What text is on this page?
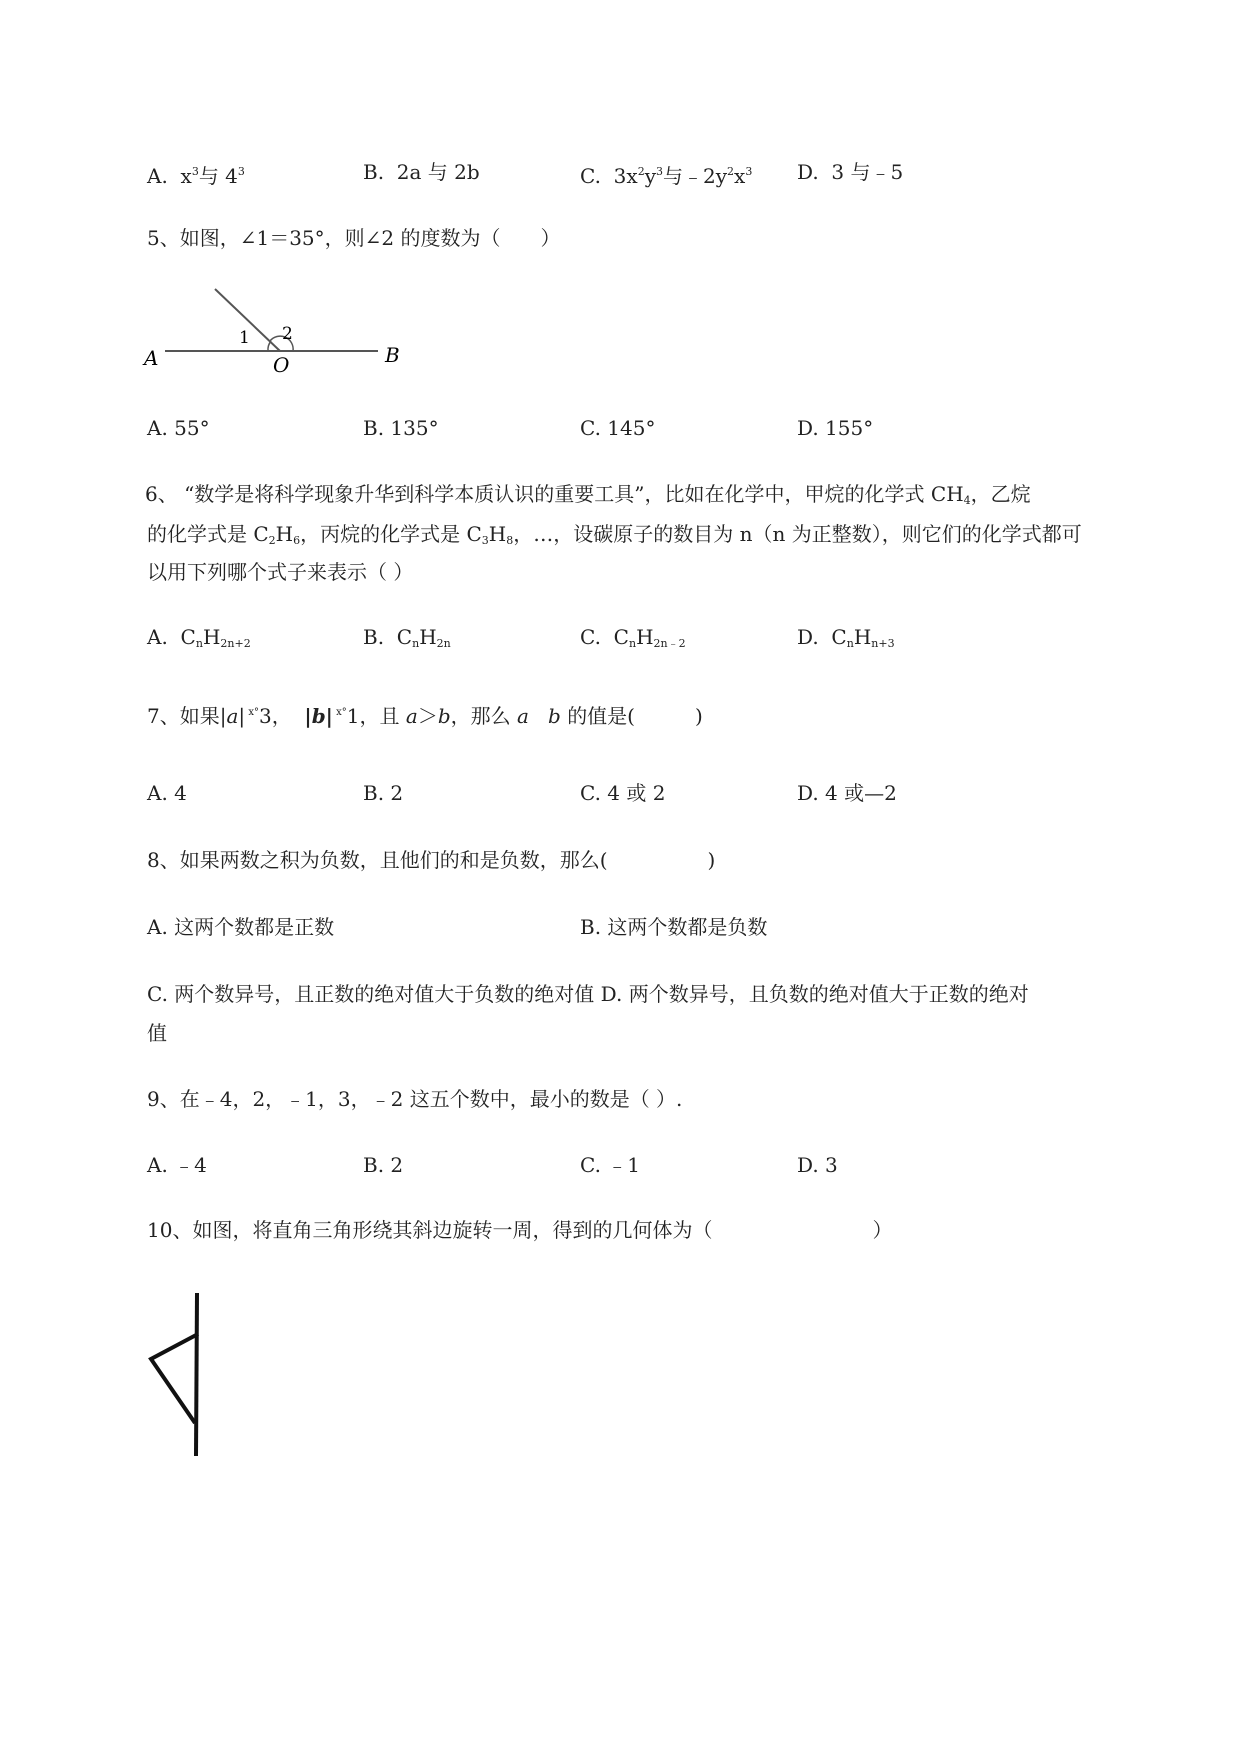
A. $x^3$与 $4^3$	B. 2a 与 2b	C. $3x^2y^3$与$﹣2y^2x^3$ D. 3 与﹣5
5、如图，∠1＝35°，则∠2 的度数为（　　）
A	O	B
1 2
A. 55°	B. 135°	C. 145°	D. 155°
6、 “数学是将科学现象升华到科学本质认识的重要工具”，比如在化学中，甲烷的化学式 $CH_4$，乙烷
的化学式是 $C_2H_6$，丙烷的化学式是 $C_3H_8$，…，设碳原子的数目为 n（n 为正整数），则它们的化学式都可
以用下列哪个式子来表示（ ）
A. $C_nH_{2n+2}$	B. $C_nH_{2n}$	C. $C_nH_{2n﹣2}$	D. $C_nH_{n+3}$
7、如果|a| $^{x^\circ}$3， |b| $^{x^\circ}$1，且 a＞b，那么 a b 的值是(　　　)
A. 4	B. 2	C. 4 或 2	D. 4 或—2
8、如果两数之积为负数，且他们的和是负数，那么(　　　　　)
A. 这两个数都是正数	B. 这两个数都是负数
C. 两个数异号，且正数的绝对值大于负数的绝对值 D. 两个数异号，且负数的绝对值大于正数的绝对
值
9、在﹣4，2，﹣1，3，﹣2 这五个数中，最小的数是（ ）.
A. ﹣4	B. 2	C. ﹣1	D. 3
10、如图，将直角三角形绕其斜边旋转一周，得到的几何体为（　　　　　　　　）
